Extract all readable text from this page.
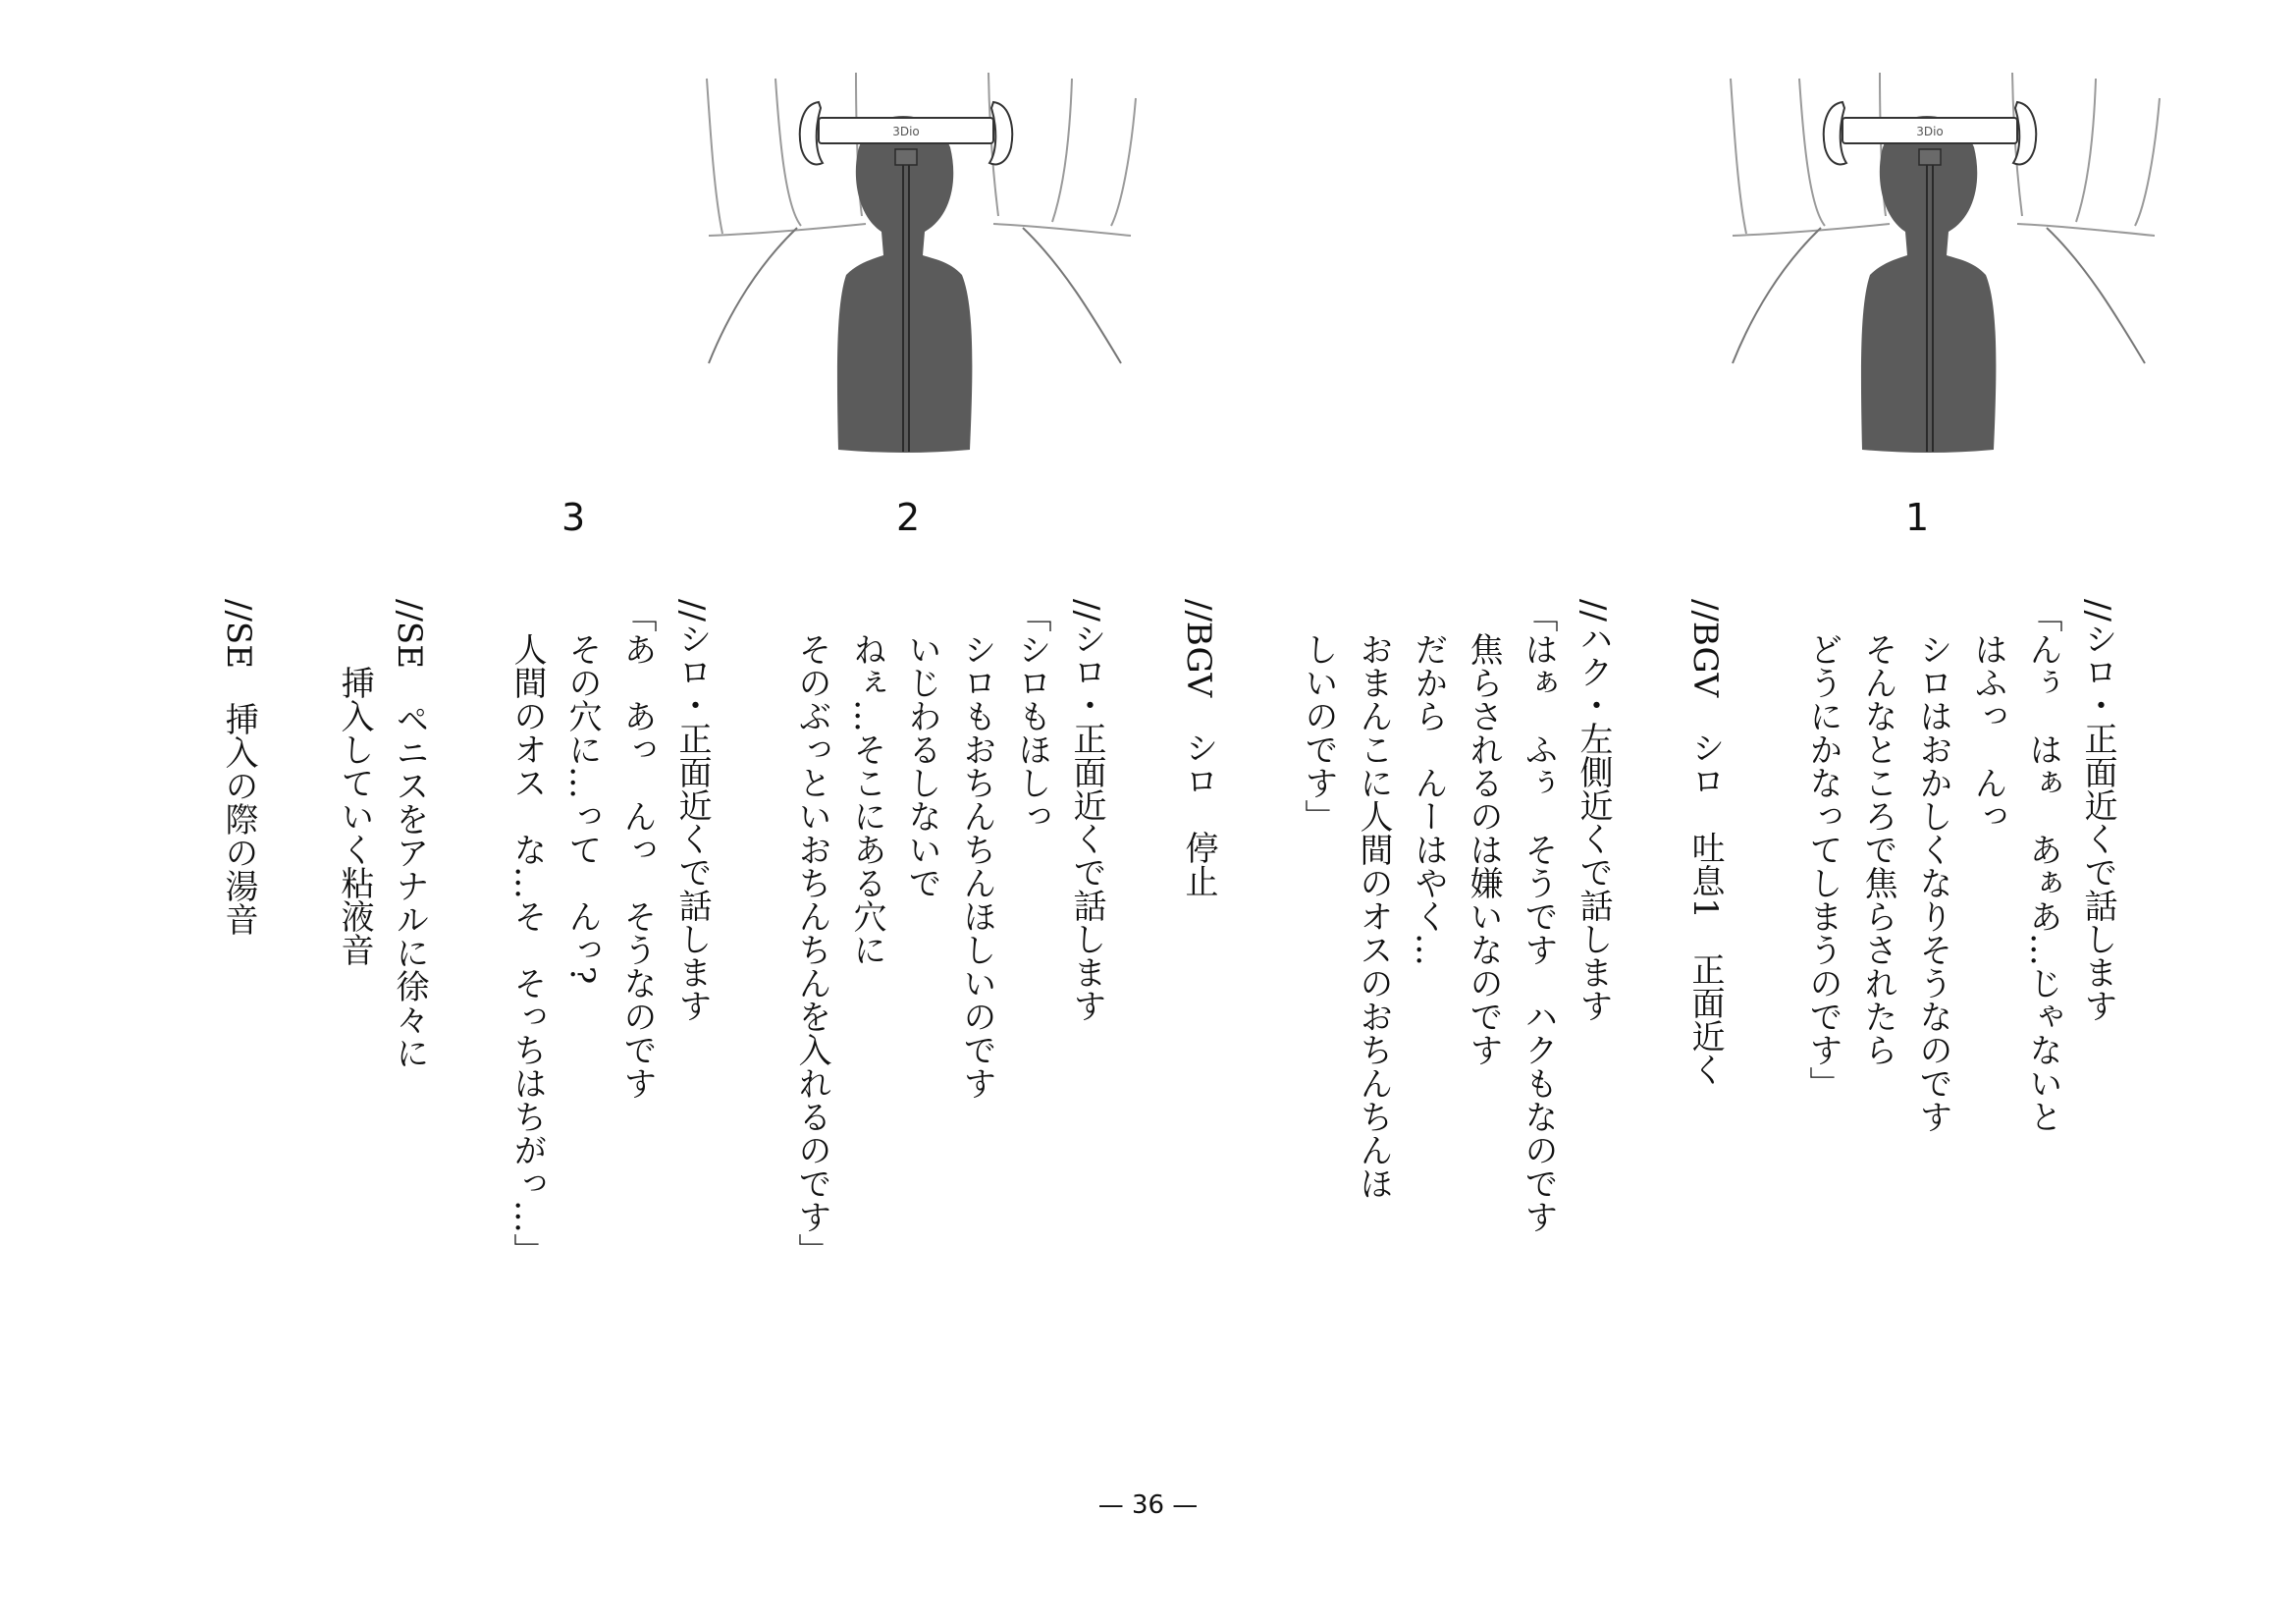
3Dio
3Dio
1
2
3
//シロ・正面近くで話します
「んぅ　はぁ　あぁあ…じゃないと
　はふっ　んっ
　シロはおかしくなりそうなのです
　そんなところで焦らされたら
　どうにかなってしまうのです」
//BGV　シロ　吐息1　正面近く
//ハク・左側近くで話します
「はぁ　ふぅ　そうです　ハクもなのです
　焦らされるのは嫌いなのです
　だから　んーはやく…
　おまんこに人間のオスのおちんちんほ
　しいのです」
//BGV　シロ　停止
//シロ・正面近くで話します
「シロもほしっ
　シロもおちんちんほしいのです
　いじわるしないで
　ねぇ…そこにある穴に
　そのぶっといおちんちんを入れるのです」
//シロ・正面近くで話します
「あ　あっ　んっ　そうなのです
　その穴に…って　んっ?
　人間のオス　な…そ　そっちはちがっ…」
//SE　ペニスをアナルに徐々に
　　挿入していく粘液音
//SE　挿入の際の湯音
— 36 —
